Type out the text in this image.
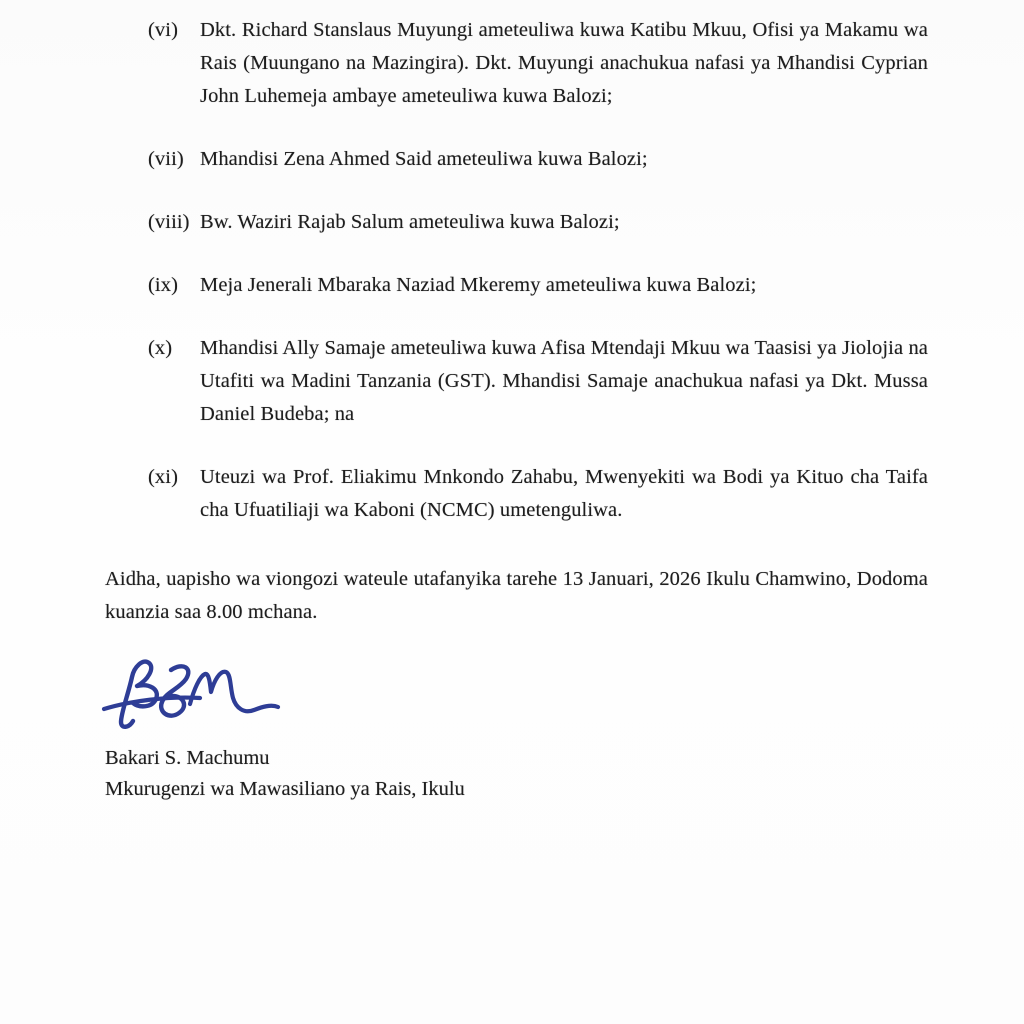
(vi)	Dkt. Richard Stanslaus Muyungi ameteuliwa kuwa Katibu Mkuu, Ofisi ya Makamu wa Rais (Muungano na Mazingira). Dkt. Muyungi anachukua nafasi ya Mhandisi Cyprian John Luhemeja ambaye ameteuliwa kuwa Balozi;
(vii) Mhandisi Zena Ahmed Said ameteuliwa kuwa Balozi;
(viii) Bw. Waziri Rajab Salum ameteuliwa kuwa Balozi;
(ix)	Meja Jenerali Mbaraka Naziad Mkeremy ameteuliwa kuwa Balozi;
(x)	Mhandisi Ally Samaje ameteuliwa kuwa Afisa Mtendaji Mkuu wa Taasisi ya Jiolojia na Utafiti wa Madini Tanzania (GST). Mhandisi Samaje anachukua nafasi ya Dkt. Mussa Daniel Budeba; na
(xi)	Uteuzi wa Prof. Eliakimu Mnkondo Zahabu, Mwenyekiti wa Bodi ya Kituo cha Taifa cha Ufuatiliaji wa Kaboni (NCMC) umetenguliwa.

Aidha, uapisho wa viongozi wateule utafanyika tarehe 13 Januari, 2026 Ikulu Chamwino, Dodoma kuanzia saa 8.00 mchana.

Bakari S. Machumu

Mkurugenzi wa Mawasiliano ya Rais, Ikulu
